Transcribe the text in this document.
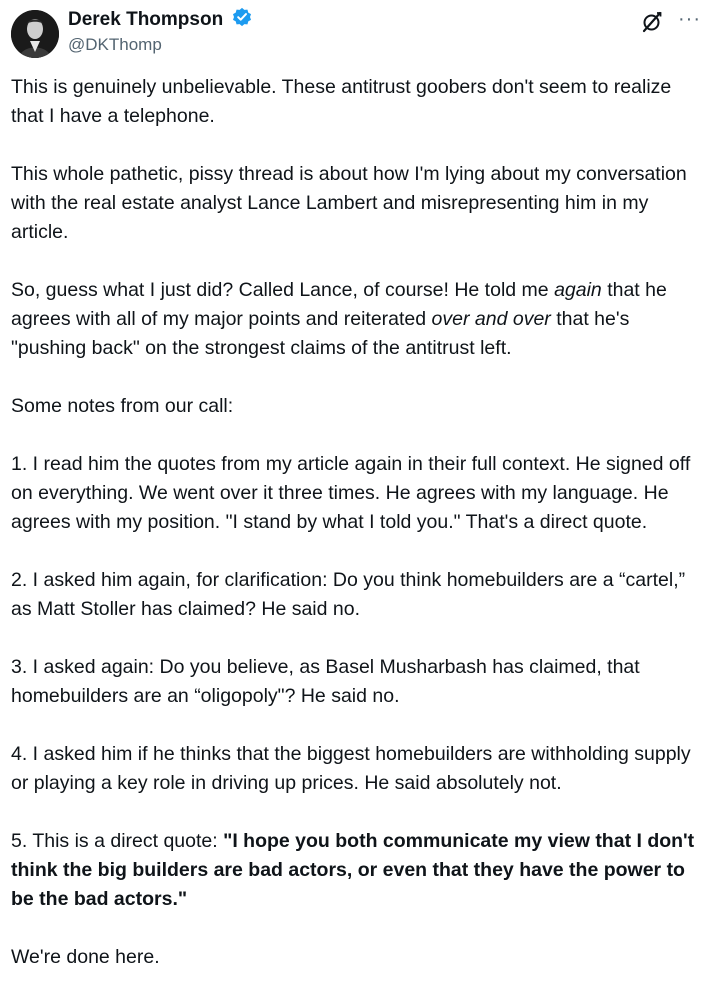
Derek Thompson
@DKThomp
···

This is genuinely unbelievable. These antitrust goobers don't seem to realize that I have a telephone.

This whole pathetic, pissy thread is about how I'm lying about my conversation with the real estate analyst Lance Lambert and misrepresenting him in my article.

So, guess what I just did? Called Lance, of course! He told me again that he agrees with all of my major points and reiterated over and over that he's "pushing back" on the strongest claims of the antitrust left.

Some notes from our call:

1. I read him the quotes from my article again in their full context. He signed off on everything. We went over it three times. He agrees with my language. He agrees with my position. "I stand by what I told you." That's a direct quote.

2. I asked him again, for clarification: Do you think homebuilders are a “cartel,” as Matt Stoller has claimed? He said no.

3. I asked again: Do you believe, as Basel Musharbash has claimed, that homebuilders are an “oligopoly"? He said no.

4. I asked him if he thinks that the biggest homebuilders are withholding supply or playing a key role in driving up prices. He said absolutely not.

5. This is a direct quote: "I hope you both communicate my view that I don't think the big builders are bad actors, or even that they have the power to be the bad actors."

We're done here.
